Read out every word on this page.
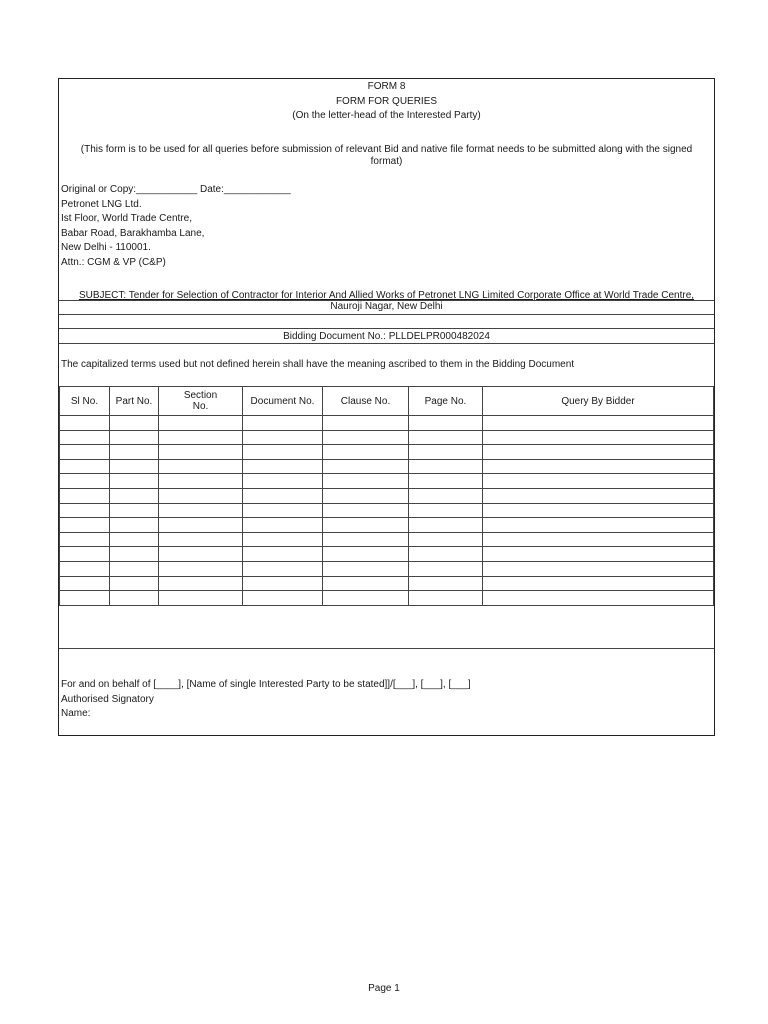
FORM 8
FORM FOR QUERIES
(On the letter-head of the Interested Party)
(This form is to be used for all queries before submission of relevant Bid and native file format needs to be submitted along with the signed
format)
Original or Copy:___________ Date:____________
Petronet LNG Ltd.
Ist Floor, World Trade Centre,
Babar Road, Barakhamba Lane,
New Delhi - 110001.
Attn.: CGM & VP (C&P)
SUBJECT: Tender for Selection of Contractor for Interior And Allied Works of Petronet LNG Limited Corporate Office at World Trade Centre,
Nauroji Nagar, New Delhi
Bidding Document No.: PLLDELPR000482024
The capitalized terms used but not defined herein shall have the meaning ascribed to them in the Bidding Document
Sl No.	Part No.	Section No.	Document No.	Clause No.	Page No.	Query By Bidder

For and on behalf of [____], [Name of single Interested Party to be stated]]/[___], [___], [___]
Authorised Signatory
Name:
Page 1
